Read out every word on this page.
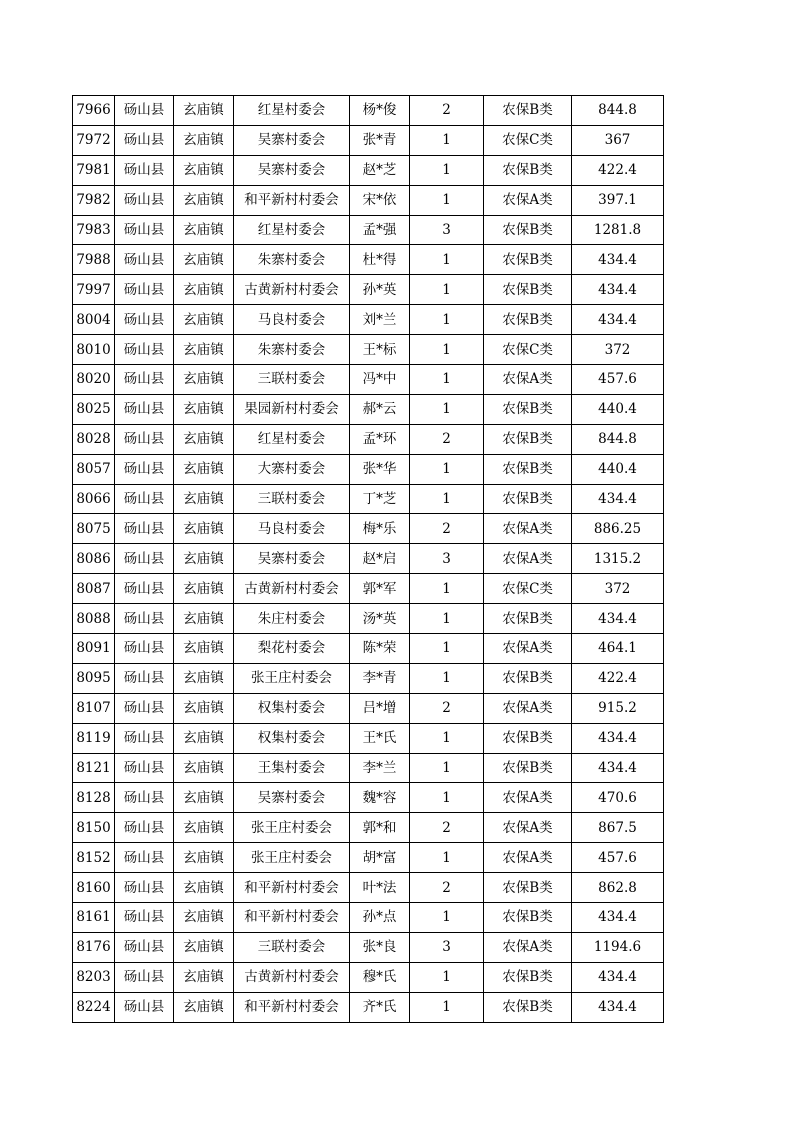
7966	砀山县	玄庙镇	红星村委会	杨*俊	2	农保B类	844.8
7972	砀山县	玄庙镇	吴寨村委会	张*青	1	农保C类	367
7981	砀山县	玄庙镇	吴寨村委会	赵*芝	1	农保B类	422.4
7982	砀山县	玄庙镇	和平新村村委会	宋*依	1	农保A类	397.1
7983	砀山县	玄庙镇	红星村委会	孟*强	3	农保B类	1281.8
7988	砀山县	玄庙镇	朱寨村委会	杜*得	1	农保B类	434.4
7997	砀山县	玄庙镇	古黄新村村委会	孙*英	1	农保B类	434.4
8004	砀山县	玄庙镇	马良村委会	刘*兰	1	农保B类	434.4
8010	砀山县	玄庙镇	朱寨村委会	王*标	1	农保C类	372
8020	砀山县	玄庙镇	三联村委会	冯*中	1	农保A类	457.6
8025	砀山县	玄庙镇	果园新村村委会	郝*云	1	农保B类	440.4
8028	砀山县	玄庙镇	红星村委会	孟*环	2	农保B类	844.8
8057	砀山县	玄庙镇	大寨村委会	张*华	1	农保B类	440.4
8066	砀山县	玄庙镇	三联村委会	丁*芝	1	农保B类	434.4
8075	砀山县	玄庙镇	马良村委会	梅*乐	2	农保A类	886.25
8086	砀山县	玄庙镇	吴寨村委会	赵*启	3	农保A类	1315.2
8087	砀山县	玄庙镇	古黄新村村委会	郭*军	1	农保C类	372
8088	砀山县	玄庙镇	朱庄村委会	汤*英	1	农保B类	434.4
8091	砀山县	玄庙镇	梨花村委会	陈*荣	1	农保A类	464.1
8095	砀山县	玄庙镇	张王庄村委会	李*青	1	农保B类	422.4
8107	砀山县	玄庙镇	权集村委会	吕*增	2	农保A类	915.2
8119	砀山县	玄庙镇	权集村委会	王*氏	1	农保B类	434.4
8121	砀山县	玄庙镇	王集村委会	李*兰	1	农保B类	434.4
8128	砀山县	玄庙镇	吴寨村委会	魏*容	1	农保A类	470.6
8150	砀山县	玄庙镇	张王庄村委会	郭*和	2	农保A类	867.5
8152	砀山县	玄庙镇	张王庄村委会	胡*富	1	农保A类	457.6
8160	砀山县	玄庙镇	和平新村村委会	叶*法	2	农保B类	862.8
8161	砀山县	玄庙镇	和平新村村委会	孙*点	1	农保B类	434.4
8176	砀山县	玄庙镇	三联村委会	张*良	3	农保A类	1194.6
8203	砀山县	玄庙镇	古黄新村村委会	穆*氏	1	农保B类	434.4
8224	砀山县	玄庙镇	和平新村村委会	齐*氏	1	农保B类	434.4
